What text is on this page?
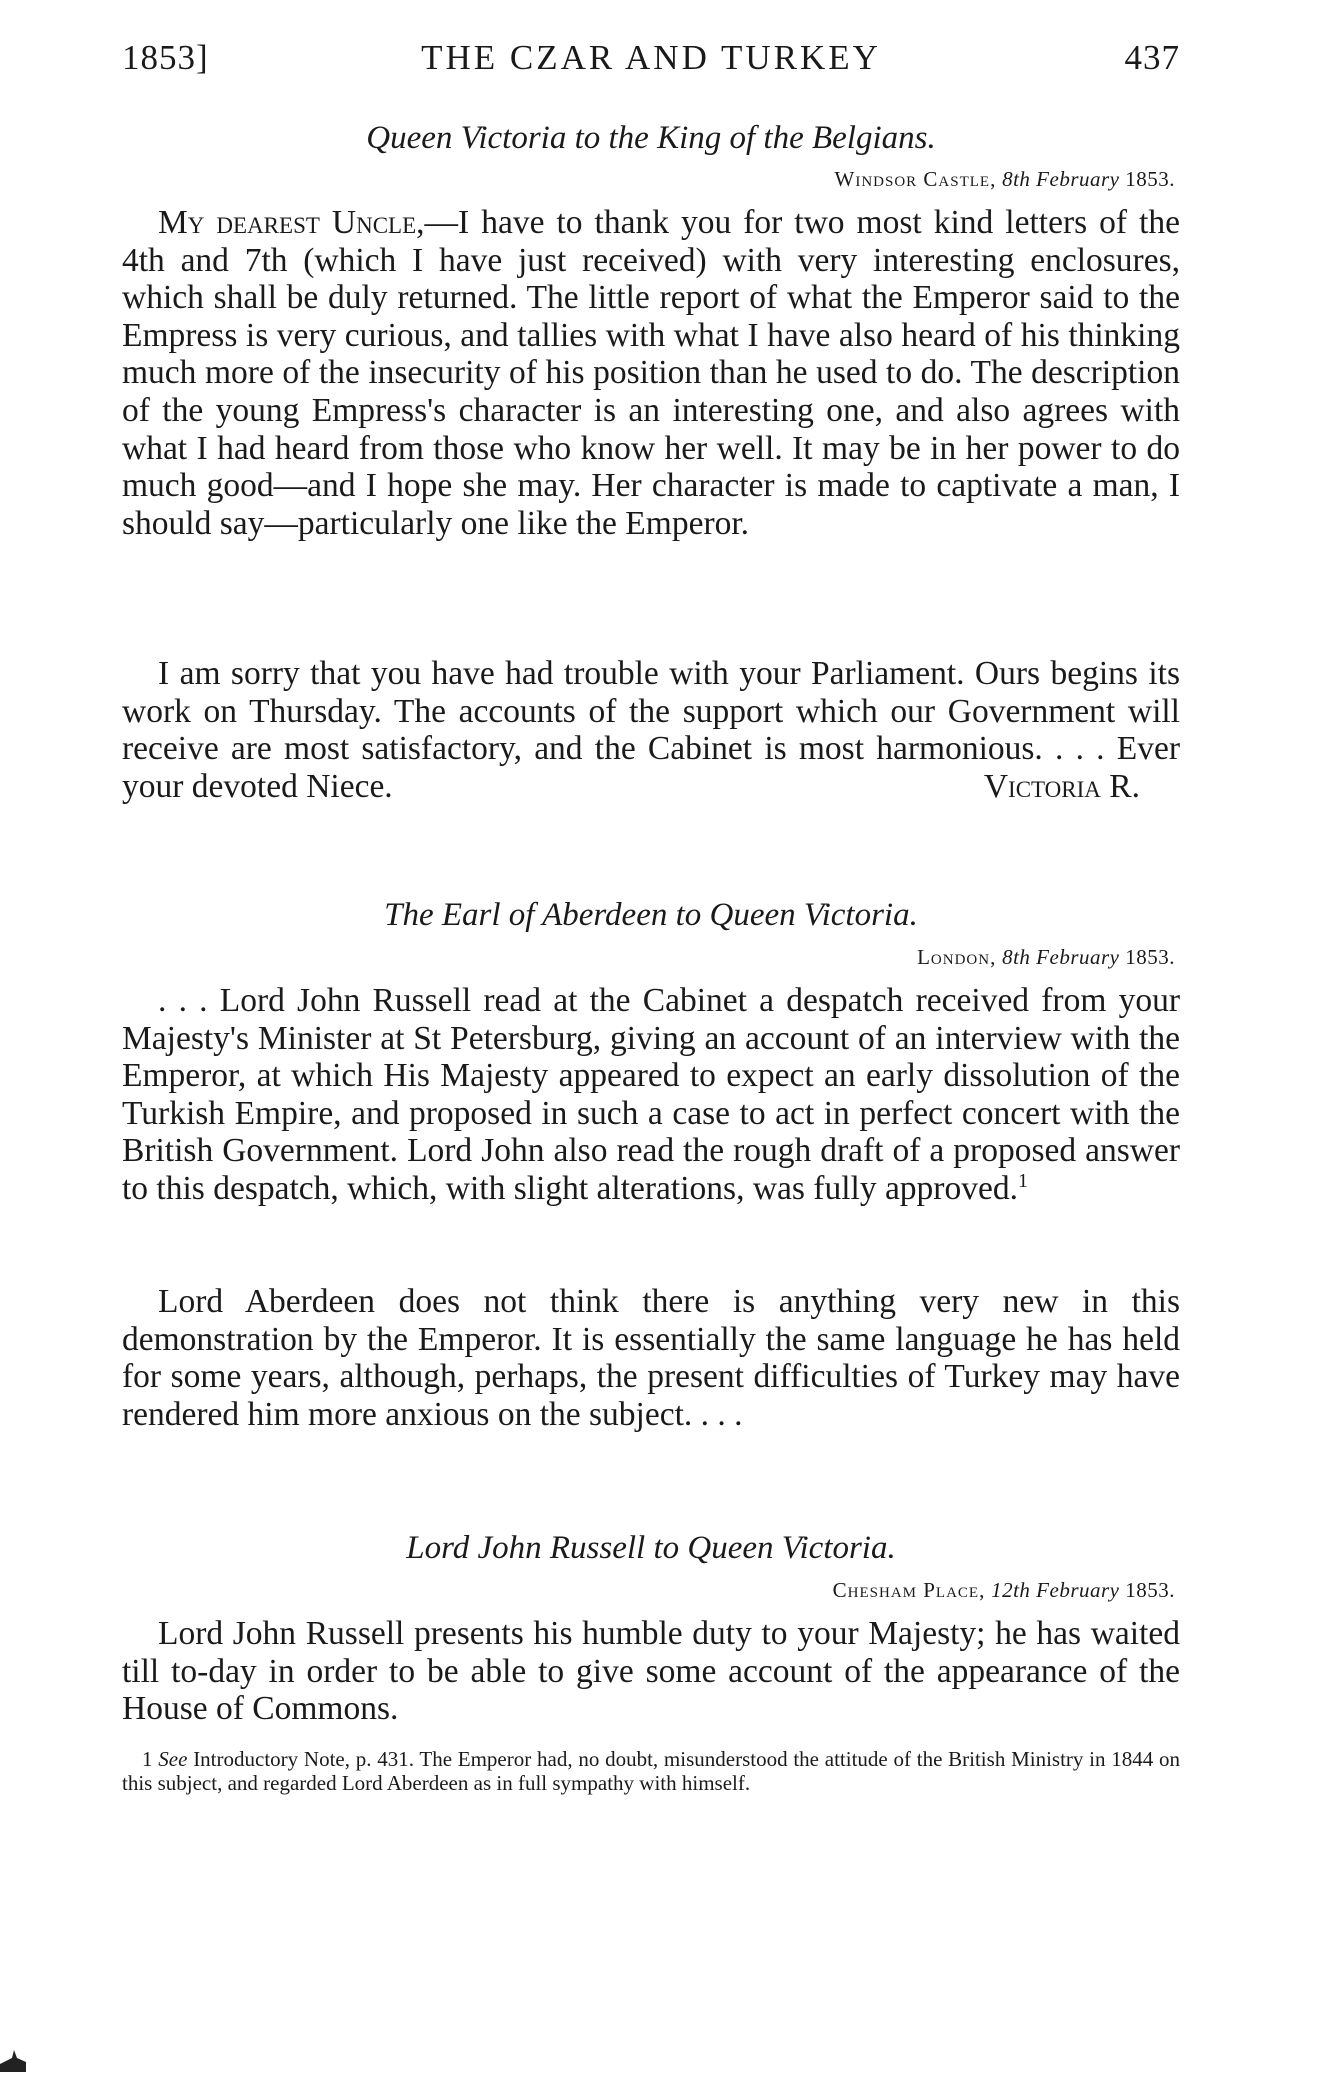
1853]	THE CZAR AND TURKEY	437
Queen Victoria to the King of the Belgians.
Windsor Castle, 8th February 1853.

My dearest Uncle,—I have to thank you for two most kind letters of the 4th and 7th (which I have just received) with very interesting enclosures, which shall be duly returned. The little report of what the Emperor said to the Empress is very curious, and tallies with what I have also heard of his thinking much more of the insecurity of his position than he used to do. The description of the young Empress's character is an interesting one, and also agrees with what I had heard from those who know her well. It may be in her power to do much good—and I hope she may. Her character is made to captivate a man, I should say—particularly one like the Emperor.

I am sorry that you have had trouble with your Parliament. Ours begins its work on Thursday. The accounts of the support which our Government will receive are most satisfactory, and the Cabinet is most harmonious. . . . Ever your devoted Niece.	Victoria R.

The Earl of Aberdeen to Queen Victoria.
London, 8th February 1853.

. . . Lord John Russell read at the Cabinet a despatch received from your Majesty's Minister at St Petersburg, giving an account of an interview with the Emperor, at which His Majesty appeared to expect an early dissolution of the Turkish Empire, and proposed in such a case to act in perfect concert with the British Government. Lord John also read the rough draft of a proposed answer to this despatch, which, with slight alterations, was fully approved.$^1$

Lord Aberdeen does not think there is anything very new in this demonstration by the Emperor. It is essentially the same language he has held for some years, although, perhaps, the present difficulties of Turkey may have rendered him more anxious on the subject. . . .

Lord John Russell to Queen Victoria.
Chesham Place, 12th February 1853.

Lord John Russell presents his humble duty to your Majesty; he has waited till to-day in order to be able to give some account of the appearance of the House of Commons.

1 See Introductory Note, p. 431. The Emperor had, no doubt, misunderstood the attitude of the British Ministry in 1844 on this subject, and regarded Lord Aberdeen as in full sympathy with himself.
